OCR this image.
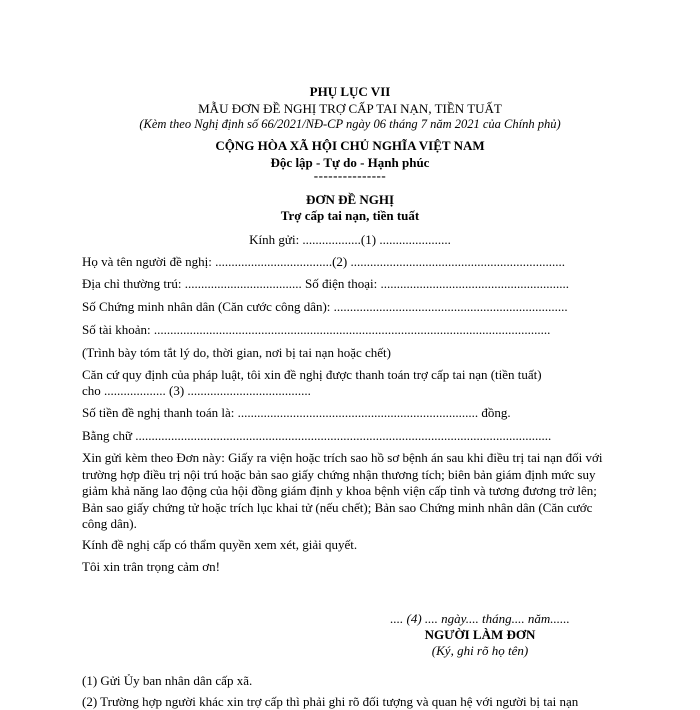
PHỤ LỤC VII
MẪU ĐƠN ĐỀ NGHỊ TRỢ CẤP TAI NẠN, TIỀN TUẤT
(Kèm theo Nghị định số 66/2021/NĐ-CP ngày 06 tháng 7 năm 2021 của Chính phủ)
CỘNG HÒA XÃ HỘI CHỦ NGHĨA VIỆT NAM
Độc lập - Tự do - Hạnh phúc
---------------
ĐƠN ĐỀ NGHỊ
Trợ cấp tai nạn, tiền tuất
Kính gửi: ..................(1) ......................
Họ và tên người đề nghị: ....................................(2) ..................................................................
Địa chỉ thường trú: .................................... Số điện thoại: ..........................................................
Số Chứng minh nhân dân (Căn cước công dân): ........................................................................
Số tài khoản: ..........................................................................................................................
(Trình bày tóm tắt lý do, thời gian, nơi bị tai nạn hoặc chết)
Căn cứ quy định của pháp luật, tôi xin đề nghị được thanh toán trợ cấp tai nạn (tiền tuất)
cho ................... (3) ......................................
Số tiền đề nghị thanh toán là: .......................................................................... đồng.
Bằng chữ ................................................................................................................................
Xin gửi kèm theo Đơn này: Giấy ra viện hoặc trích sao hồ sơ bệnh án sau khi điều trị tai nạn đối với trường hợp điều trị nội trú hoặc bản sao giấy chứng nhận thương tích; biên bản giám định mức suy giảm khả năng lao động của hội đồng giám định y khoa bệnh viện cấp tỉnh và tương đương trở lên; Bản sao giấy chứng tử hoặc trích lục khai tử (nếu chết); Bản sao Chứng minh nhân dân (Căn cước công dân).
Kính đề nghị cấp có thẩm quyền xem xét, giải quyết.
Tôi xin trân trọng cảm ơn!
.... (4) .... ngày.... tháng.... năm......
NGƯỜI LÀM ĐƠN
(Ký, ghi rõ họ tên)
(1) Gửi Ủy ban nhân dân cấp xã.
(2) Trường hợp người khác xin trợ cấp thì phải ghi rõ đối tượng và quan hệ với người bị tai nạn
